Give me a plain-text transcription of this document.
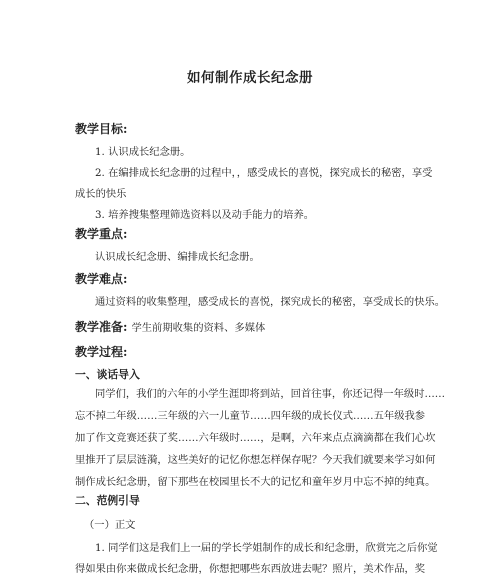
如何制作成长纪念册
教学目标:
1. 认识成长纪念册。
2. 在编排成长纪念册的过程中，，感受成长的喜悦，探究成长的秘密，享受
成长的快乐
3. 培养搜集整理筛选资料以及动手能力的培养。
教学重点:
认识成长纪念册、编排成长纪念册。
教学难点:
通过资料的收集整理，感受成长的喜悦，探究成长的秘密，享受成长的快乐。
教学准备: 学生前期收集的资料、多媒体
教学过程:
一、谈话导入
同学们，我们的六年的小学生涯即将到站，回首往事，你还记得一年级时……
忘不掉二年级……三年级的六一儿童节……四年级的成长仪式……五年级我参
加了作文竞赛还获了奖……六年级时……，是啊，六年来点点滴滴都在我们心坎
里推开了层层涟漪，这些美好的记忆你想怎样保存呢？今天我们就要来学习如何
制作成长纪念册，留下那些在校园里长不大的记忆和童年岁月中忘不掉的纯真。
二、范例引导
（一）正文
1. 同学们这是我们上一届的学长学姐制作的成长和纪念册，欣赏完之后你觉
得如果由你来做成长纪念册，你想把哪些东西放进去呢？照片，美术作品，奖
